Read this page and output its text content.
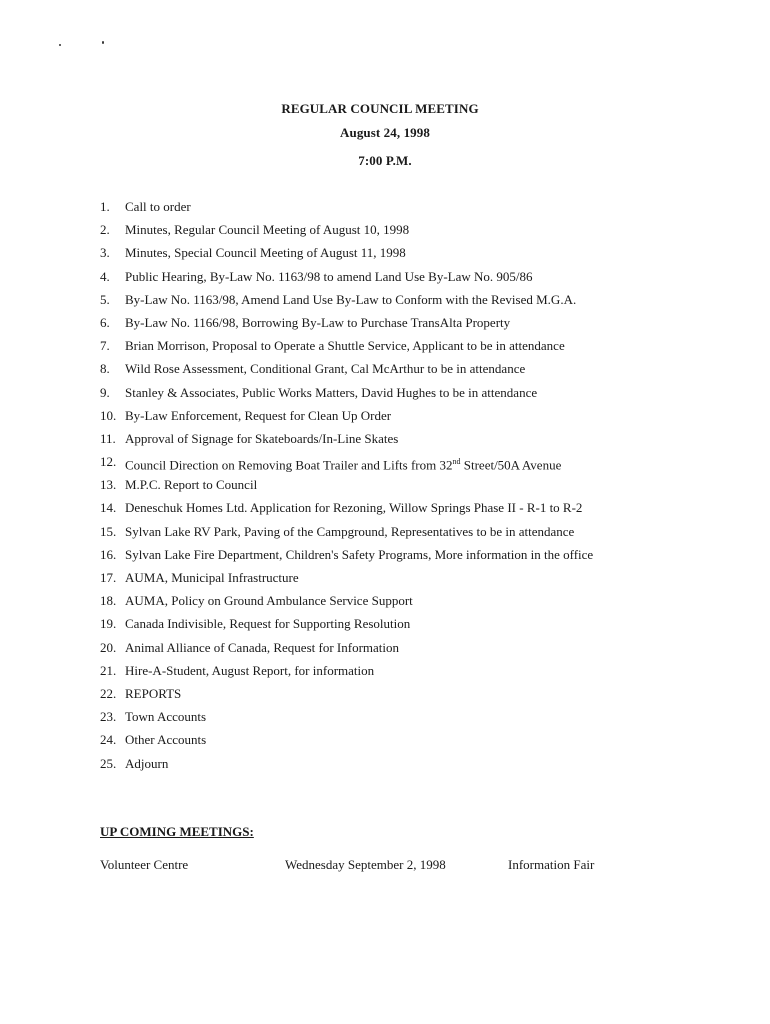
REGULAR COUNCIL MEETING
August 24, 1998
7:00 P.M.
1.	Call to order
2.	Minutes, Regular Council Meeting of August 10, 1998
3.	Minutes, Special Council Meeting of August 11, 1998
4.	Public Hearing, By-Law No. 1163/98 to amend Land Use By-Law No. 905/86
5.	By-Law No. 1163/98, Amend Land Use By-Law to Conform with the Revised M.G.A.
6.	By-Law No. 1166/98, Borrowing By-Law to Purchase TransAlta Property
7.	Brian Morrison, Proposal to Operate a Shuttle Service, Applicant to be in attendance
8.	Wild Rose Assessment, Conditional Grant, Cal McArthur to be in attendance
9.	Stanley & Associates, Public Works Matters, David Hughes to be in attendance
10. By-Law Enforcement, Request for Clean Up Order
11. Approval of Signage for Skateboards/In-Line Skates
12. Council Direction on Removing Boat Trailer and Lifts from 32nd Street/50A Avenue
13. M.P.C. Report to Council
14. Deneschuk Homes Ltd. Application for Rezoning, Willow Springs Phase II - R-1 to R-2
15. Sylvan Lake RV Park, Paving of the Campground, Representatives to be in attendance
16. Sylvan Lake Fire Department, Children's Safety Programs, More information in the office
17. AUMA, Municipal Infrastructure
18. AUMA, Policy on Ground Ambulance Service Support
19. Canada Indivisible, Request for Supporting Resolution
20. Animal Alliance of Canada, Request for Information
21. Hire-A-Student, August Report, for information
22. REPORTS
23. Town Accounts
24. Other Accounts
25. Adjourn
UP COMING MEETINGS:
Volunteer Centre	Wednesday September 2, 1998	Information Fair
